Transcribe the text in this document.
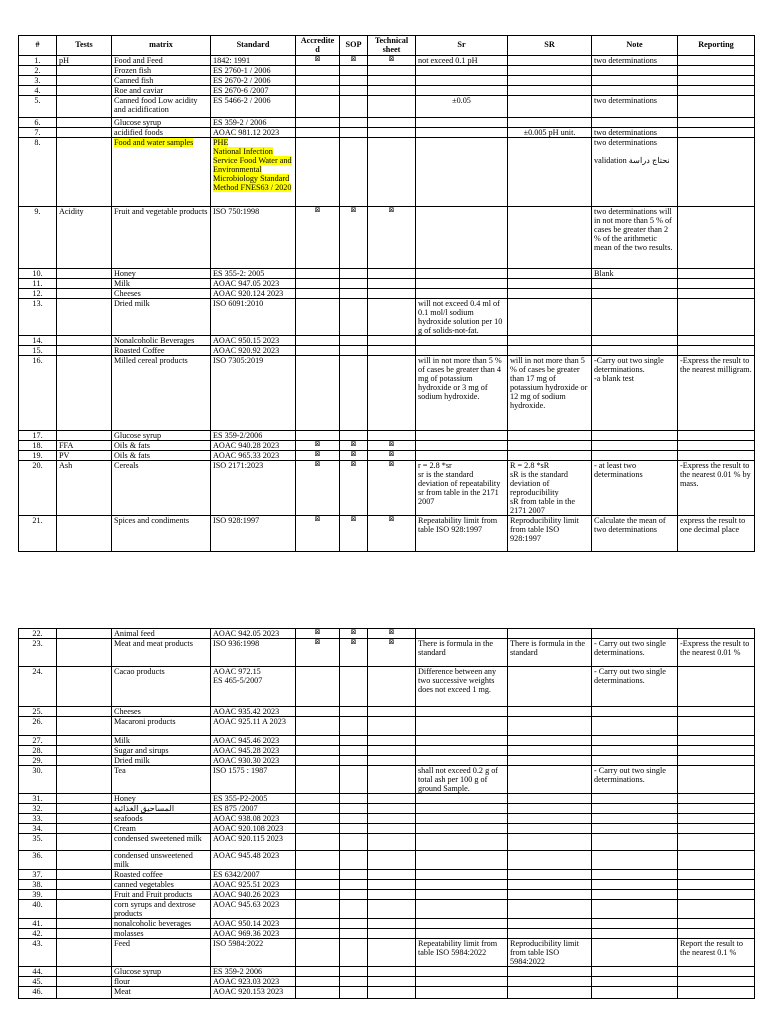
#	Tests	matrix	Standard	Accredite d	SOP	Technical sheet	Sr	SR	Note	Reporting
1.	pH	Food and Feed	1842: 1991	⊠	⊠	⊠	not exceed 0.1 pH		two determinations	
2.		Frozen fish	ES 2760-1 / 2006							
3.		Canned fish	ES 2670-2 / 2006							
4.		Roe and caviar	ES 2670-6 /2007							
5.		Canned food Low acidity and acidification	ES 5466-2 / 2006				±0.05		two determinations	
6.		Glucose syrup	ES 359-2 / 2006							
7.		acidified foods	AOAC 981.12 2023					±0.005 pH unit.	two determinations	
8.		Food and water samples	PHE
National Infection Service Food Water and Environmental Microbiology Standard Method FNES63 / 2020						two determinations

validation نحتاج دراسة	
9.	Acidity	Fruit and vegetable products	ISO 750:1998	⊠	⊠	⊠			two determinations will in not more than 5 % of cases be greater than 2 % of the arithmetic mean of the two results.	
10.		Honey	ES 355-2: 2005						Blank	
11.		Milk	AOAC 947.05 2023							
12.		Cheeses	AOAC 920.124 2023							
13.		Dried milk	ISO 6091:2010				will not exceed 0.4 ml of 0.1 mol/l sodium hydroxide solution per 10 g of solids-not-fat.			
14.		Nonalcoholic Beverages	AOAC 950.15 2023							
15.		Roasted Coffee	AOAC 920.92 2023							
16.		Milled cereal products	ISO 7305:2019				will in not more than 5 % of cases be greater than 4 mg of potassium hydroxide or 3 mg of sodium hydroxide.	will in not more than 5 % of cases be greater than 17 mg of potassium hydroxide or 12 mg of sodium hydroxide.	-Carry out two single determinations.
-a blank test	-Express the result to the nearest milligram.
17.		Glucose syrup	ES 359-2/2006							
18.	FFA	Oils & fats	AOAC 940.28 2023	⊠	⊠	⊠				
19.	PV	Oils & fats	AOAC 965.33 2023	⊠	⊠	⊠				
20.	Ash	Cereals	ISO 2171:2023	⊠	⊠	⊠	r = 2.8 *sr
sr is the standard deviation of repeatability
sr from table in the 2171 2007	R = 2.8 *sR
sR is the standard deviation of reproducibility
sR from table in the 2171 2007	- at least two determinations	-Express the result to the nearest 0.01 % by mass.
21.		Spices and condiments	ISO 928:1997	⊠	⊠	⊠	Repeatability limit from table ISO 928:1997	Reproducibility limit from table ISO 928:1997	Calculate the mean of two determinations	express the result to one decimal place
22.		Animal feed	AOAC 942.05 2023	⊠	⊠	⊠				
23.		Meat and meat products	ISO 936:1998	⊠	⊠	⊠	There is formula in the standard	There is formula in the standard	- Carry out two single determinations.	-Express the result to the nearest 0.01 %
24.		Cacao products	AOAC 972.15
ES 465-5/2007				Difference between any two successive weights does not exceed 1 mg.		- Carry out two single determinations.	
25.		Cheeses	AOAC 935.42 2023							
26.		Macaroni products	AOAC 925.11 A 2023							
27.		Milk	AOAC 945.46 2023							
28.		Sugar and sirups	AOAC 945.28 2023							
29.		Dried milk	AOAC 930.30 2023							
30.		Tea	ISO 1575 : 1987				shall not exceed 0.2 g of total ash per 100 g of ground Sample.		- Carry out two single determinations.	
31.		Honey	ES 355-P2-2005							
32.		المساحيق الغذائية	ES 875 /2007							
33.		seafoods	AOAC 938.08 2023							
34.		Cream	AOAC 920.108 2023							
35.		condensed sweetened milk	AOAC 920.115 2023							
36.		condensed unsweetened milk	AOAC 945.48 2023							
37.		Roasted coffee	ES 6342/2007							
38.		canned vegetables	AOAC 925.51 2023							
39.		Fruit and Fruit products	AOAC 940.26 2023							
40.		corn syrups and dextrose products	AOAC 945.63 2023							
41.		nonalcoholic beverages	AOAC 950.14 2023							
42.		molasses	AOAC 969.36 2023							
43.		Feed	ISO 5984:2022				Repeatability limit from table ISO 5984:2022	Reproducibility limit from table ISO 5984:2022		Report the result to the nearest 0.1 %
44.		Glucose syrup	ES 359-2 2006							
45.		flour	AOAC 923.03 2023							
46.		Meat	AOAC 920.153 2023							
